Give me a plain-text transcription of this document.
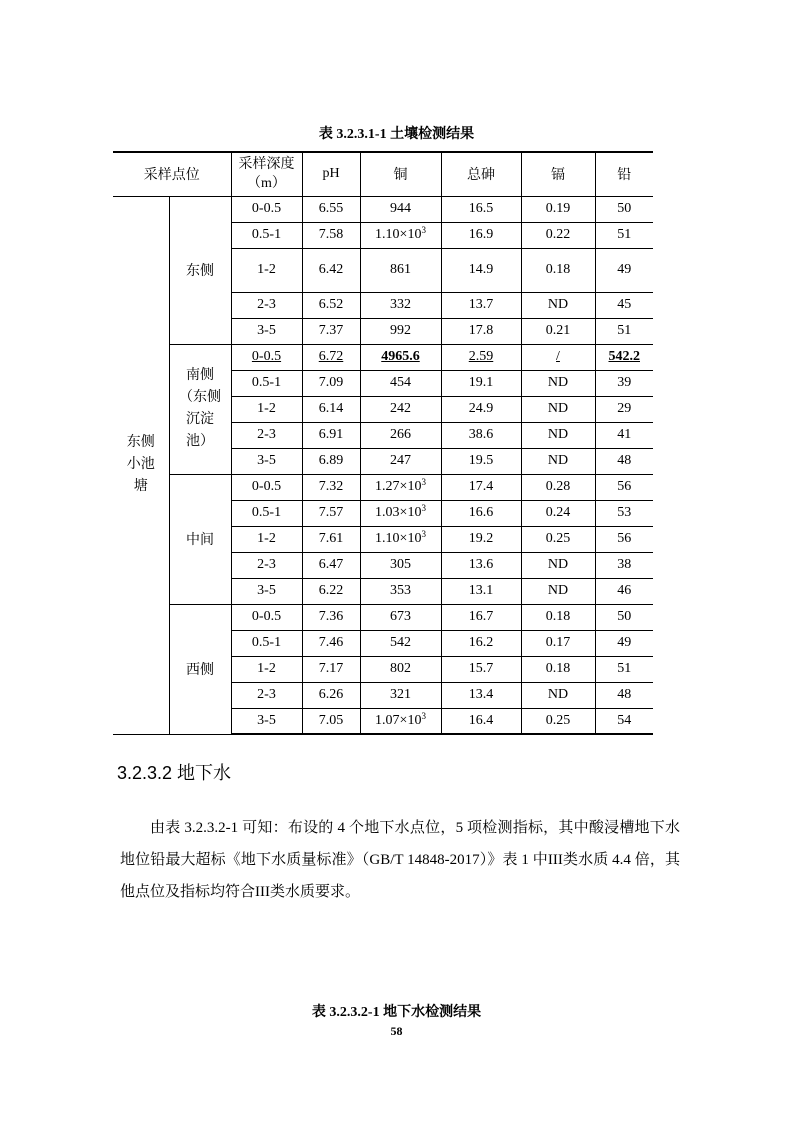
表 3.2.3.1-1 土壤检测结果
采样点位		采样深度（m）	pH	铜	总砷	镉	铅
东侧小池塘	东侧	0-0.5	6.55	944	16.5	0.19	50
		0.5-1	7.58	$1.10\times 10^3$	16.9	0.22	51
		1-2	6.42	861	14.9	0.18	49
		2-3	6.52	332	13.7	ND	45
		3-5	7.37	992	17.8	0.21	51
	南侧（东侧沉淀池）	0-0.5	6.72	4965.6	2.59	/	542.2
		0.5-1	7.09	454	19.1	ND	39
		1-2	6.14	242	24.9	ND	29
		2-3	6.91	266	38.6	ND	41
		3-5	6.89	247	19.5	ND	48
	中间	0-0.5	7.32	$1.27\times 10^3$	17.4	0.28	56
		0.5-1	7.57	$1.03\times 10^3$	16.6	0.24	53
		1-2	7.61	$1.10\times 10^3$	19.2	0.25	56
		2-3	6.47	305	13.6	ND	38
		3-5	6.22	353	13.1	ND	46
	西侧	0-0.5	7.36	673	16.7	0.18	50
		0.5-1	7.46	542	16.2	0.17	49
		1-2	7.17	802	15.7	0.18	51
		2-3	6.26	321	13.4	ND	48
		3-5	7.05	$1.07\times 10^3$	16.4	0.25	54
3.2.3.2 地下水
由表 3.2.3.2-1 可知：布设的 4 个地下水点位，5 项检测指标，其中酸浸槽地下水地位铅最大超标《地下水质量标准》（GB/T 14848-2017）》表 1 中III类水质 4.4 倍，其他点位及指标均符合III类水质要求。
表 3.2.3.2-1 地下水检测结果
58
